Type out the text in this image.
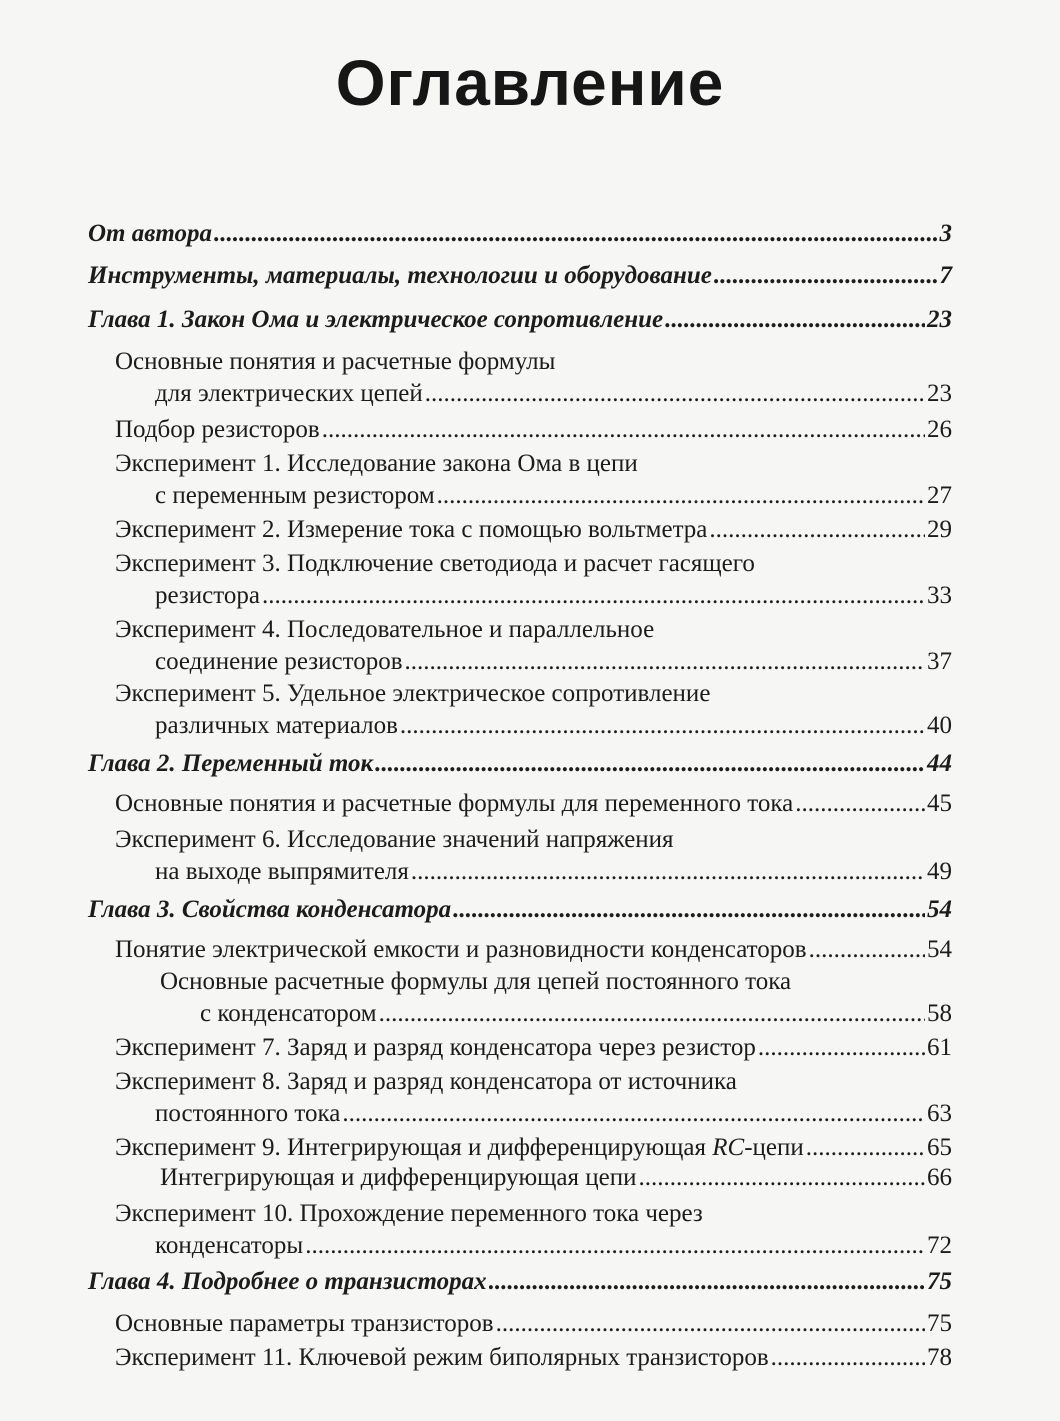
Оглавление
От автора .....	3
Инструменты, материалы, технологии и оборудование .....	7
Глава 1. Закон Ома и электрическое сопротивление .....	23
Основные понятия и расчетные формулы
для электрических цепей .....	23
Подбор резисторов .....	26
Эксперимент 1. Исследование закона Ома в цепи
с переменным резистором .....	27
Эксперимент 2. Измерение тока с помощью вольтметра .....	29
Эксперимент 3. Подключение светодиода и расчет гасящего
резистора .....	33
Эксперимент 4. Последовательное и параллельное
соединение резисторов .....	37
Эксперимент 5. Удельное электрическое сопротивление
различных материалов .....	40
Глава 2. Переменный ток .....	44
Основные понятия и расчетные формулы для переменного тока .....	45
Эксперимент 6. Исследование значений напряжения
на выходе выпрямителя .....	49
Глава 3. Свойства конденсатора .....	54
Понятие электрической емкости и разновидности конденсаторов .....	54
Основные расчетные формулы для цепей постоянного тока
с конденсатором .....	58
Эксперимент 7. Заряд и разряд конденсатора через резистор .....	61
Эксперимент 8. Заряд и разряд конденсатора от источника
постоянного тока .....	63
Эксперимент 9. Интегрирующая и дифференцирующая RC-цепи .....	65
Интегрирующая и дифференцирующая цепи .....	66
Эксперимент 10. Прохождение переменного тока через
конденсаторы .....	72
Глава 4. Подробнее о транзисторах .....	75
Основные параметры транзисторов .....	75
Эксперимент 11. Ключевой режим биполярных транзисторов .....	78
